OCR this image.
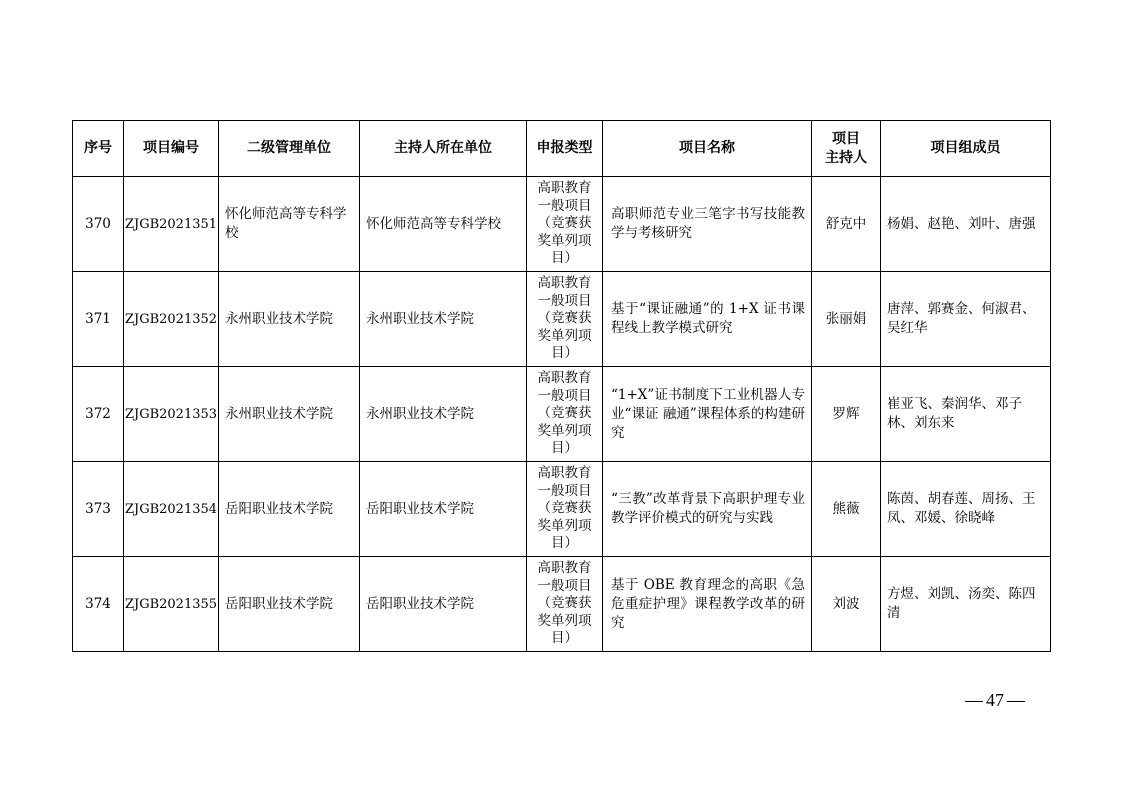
序号	项目编号	二级管理单位	主持人所在单位	申报类型	项目名称	项目
主持人	项目组成员
370	ZJGB2021351	怀化师范高等专科学校	怀化师范高等专科学校	高职教育一般项目（竞赛获奖单列项目）	高职师范专业三笔字书写技能教学与考核研究	舒克中	杨娟、赵艳、刘叶、唐强
371	ZJGB2021352	永州职业技术学院	永州职业技术学院	高职教育一般项目（竞赛获奖单列项目）	基于“课证融通”的 1+X 证书课程线上教学模式研究	张丽娟	唐萍、郭赛金、何淑君、吴红华
372	ZJGB2021353	永州职业技术学院	永州职业技术学院	高职教育一般项目（竞赛获奖单列项目）	“1+X”证书制度下工业机器人专业“课证 融通”课程体系的构建研究	罗辉	崔亚飞、秦润华、邓子林、刘东来
373	ZJGB2021354	岳阳职业技术学院	岳阳职业技术学院	高职教育一般项目（竞赛获奖单列项目）	“三教”改革背景下高职护理专业教学评价模式的研究与实践	熊薇	陈茵、胡春莲、周扬、王凤、邓媛、徐晓峰
374	ZJGB2021355	岳阳职业技术学院	岳阳职业技术学院	高职教育一般项目（竞赛获奖单列项目）	基于 OBE 教育理念的高职《急危重症护理》课程教学改革的研究	刘波	方煜、刘凯、汤奕、陈四清
47
